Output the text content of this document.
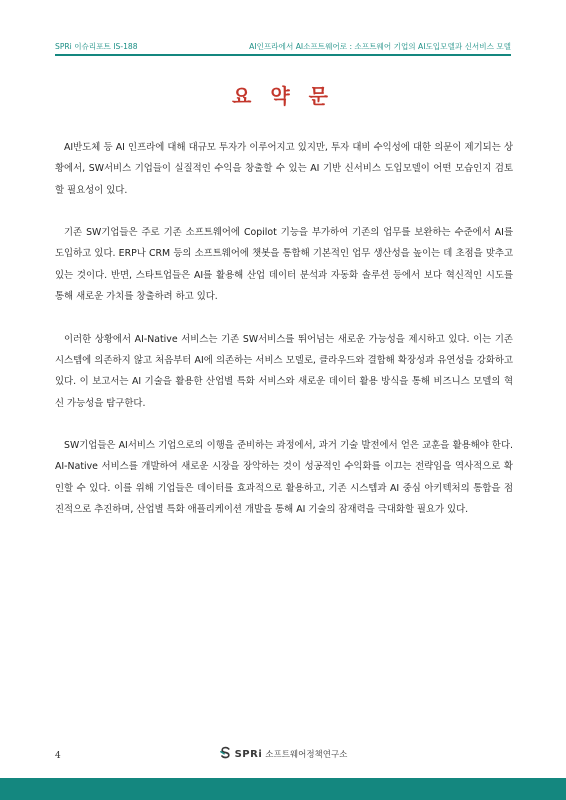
SPRi 이슈리포트 IS-188	AI인프라에서 AI소프트웨어로 : 소프트웨어 기업의 AI도입모델과 신서비스 모델
요 약 문

AI반도체 등 AI 인프라에 대해 대규모 투자가 이루어지고 있지만, 투자 대비 수익성에 대한 의문이 제기되는 상황에서, SW서비스 기업들이 실질적인 수익을 창출할 수 있는 AI 기반 신서비스 도입모델이 어떤 모습인지 검토할 필요성이 있다.

기존 SW기업들은 주로 기존 소프트웨어에 Copilot 기능을 부가하여 기존의 업무를 보완하는 수준에서 AI를 도입하고 있다. ERP나 CRM 등의 소프트웨어에 챗봇을 통합해 기본적인 업무 생산성을 높이는 데 초점을 맞추고 있는 것이다. 반면, 스타트업들은 AI를 활용해 산업 데이터 분석과 자동화 솔루션 등에서 보다 혁신적인 시도를 통해 새로운 가치를 창출하려 하고 있다.

이러한 상황에서 AI-Native 서비스는 기존 SW서비스를 뛰어넘는 새로운 가능성을 제시하고 있다. 이는 기존 시스템에 의존하지 않고 처음부터 AI에 의존하는 서비스 모델로, 클라우드와 결합해 확장성과 유연성을 강화하고 있다. 이 보고서는 AI 기술을 활용한 산업별 특화 서비스와 새로운 데이터 활용 방식을 통해 비즈니스 모델의 혁신 가능성을 탐구한다.

SW기업들은 AI서비스 기업으로의 이행을 준비하는 과정에서, 과거 기술 발전에서 얻은 교훈을 활용해야 한다. AI-Native 서비스를 개발하여 새로운 시장을 장악하는 것이 성공적인 수익화를 이끄는 전략임을 역사적으로 확인할 수 있다. 이를 위해 기업들은 데이터를 효과적으로 활용하고, 기존 시스템과 AI 중심 아키텍처의 통합을 점진적으로 추진하며, 산업별 특화 애플리케이션 개발을 통해 AI 기술의 잠재력을 극대화할 필요가 있다.

4	SPRi 소프트웨어정책연구소
